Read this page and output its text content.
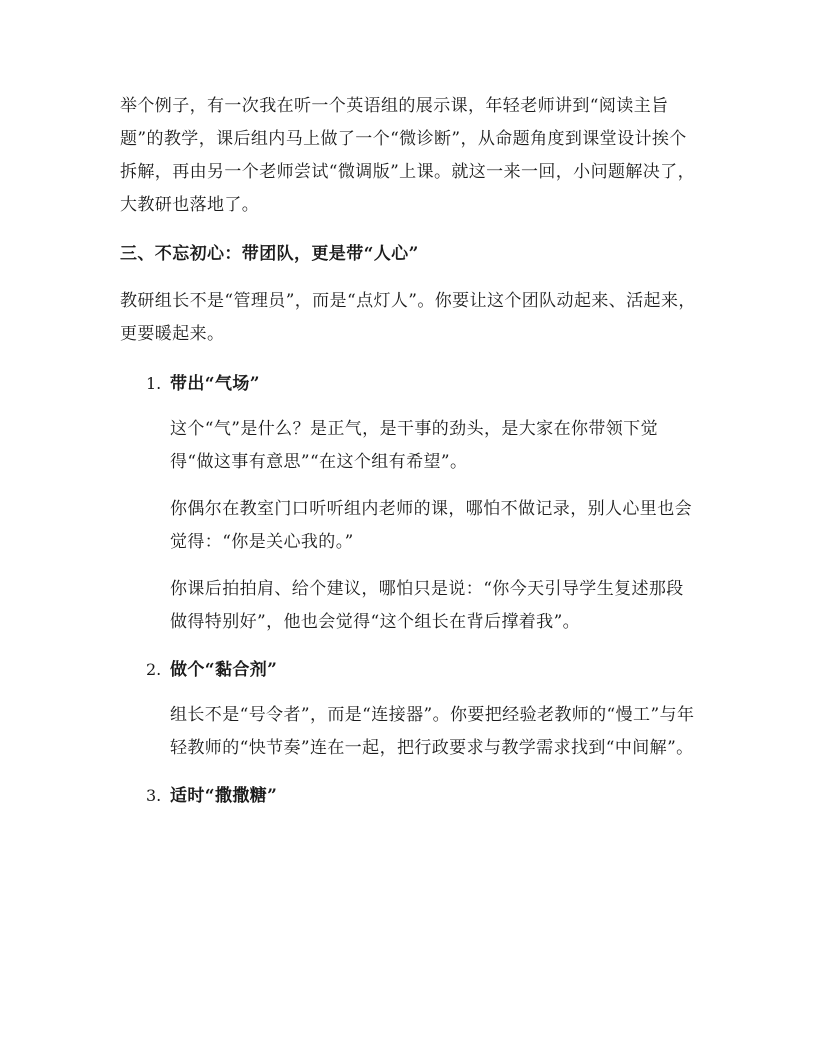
举个例子，有一次我在听一个英语组的展示课，年轻老师讲到“阅读主旨题”的教学，课后组内马上做了一个“微诊断”，从命题角度到课堂设计挨个拆解，再由另一个老师尝试“微调版”上课。就这一来一回，小问题解决了，大教研也落地了。

三、不忘初心：带团队，更是带“人心”

教研组长不是“管理员”，而是“点灯人”。你要让这个团队动起来、活起来，更要暖起来。

1. 带出“气场”

这个“气”是什么？是正气，是干事的劲头，是大家在你带领下觉得“做这事有意思”“在这个组有希望”。

你偶尔在教室门口听听组内老师的课，哪怕不做记录，别人心里也会觉得：“你是关心我的。”

你课后拍拍肩、给个建议，哪怕只是说：“你今天引导学生复述那段做得特别好”，他也会觉得“这个组长在背后撑着我”。

2. 做个“黏合剂”

组长不是“号令者”，而是“连接器”。你要把经验老教师的“慢工”与年轻教师的“快节奏”连在一起，把行政要求与教学需求找到“中间解”。

3. 适时“撒撒糖”
